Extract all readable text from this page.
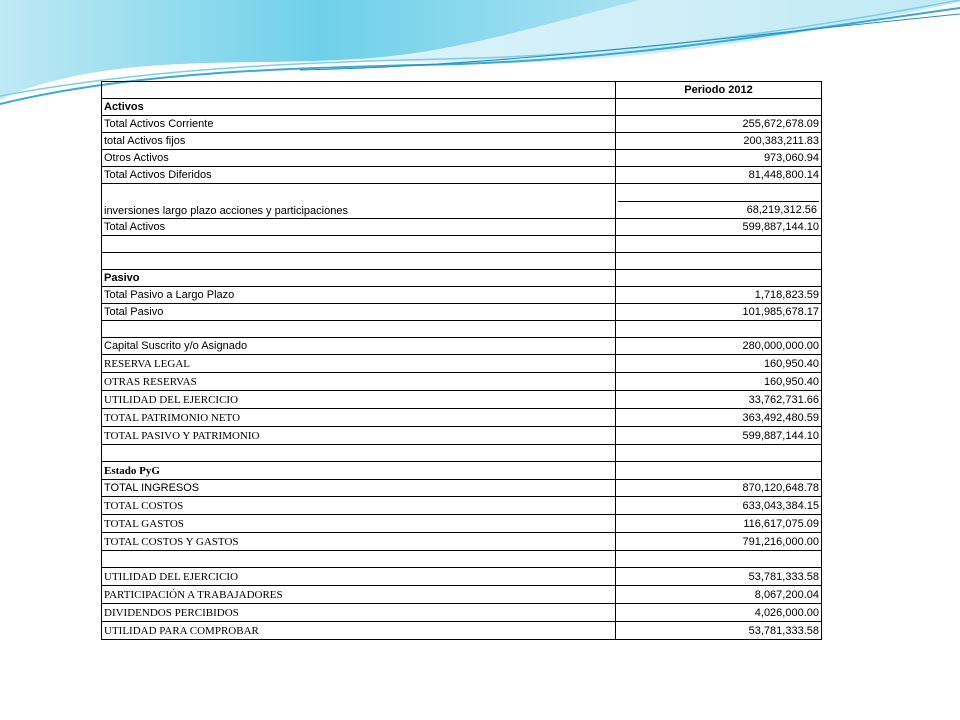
	Periodo 2012
Activos	
Total Activos Corriente	255,672,678.09
total Activos fijos	200,383,211.83
Otros Activos	973,060.94
Total Activos Diferidos	81,448,800.14
inversiones largo plazo acciones y participaciones	68,219,312.56

Total Activos	599,887,144.10

Pasivo	
Total Pasivo a Largo Plazo	1,718,823.59
Total Pasivo	101,985,678.17

Capital Suscrito y/o Asignado	280,000,000.00
RESERVA LEGAL	160,950.40
OTRAS RESERVAS	160,950.40
UTILIDAD DEL EJERCICIO	33,762,731.66
TOTAL PATRIMONIO NETO	363,492,480.59
TOTAL PASIVO Y PATRIMONIO	599,887,144.10

Estado PyG	
TOTAL INGRESOS	870,120,648.78
TOTAL COSTOS	633,043,384.15
TOTAL GASTOS	116,617,075.09
TOTAL COSTOS Y GASTOS	791,216,000.00

UTILIDAD DEL EJERCICIO	53,781,333.58
PARTICIPACIÓN A TRABAJADORES	8,067,200.04
DIVIDENDOS PERCIBIDOS	4,026,000.00
UTILIDAD PARA COMPROBAR	53,781,333.58
